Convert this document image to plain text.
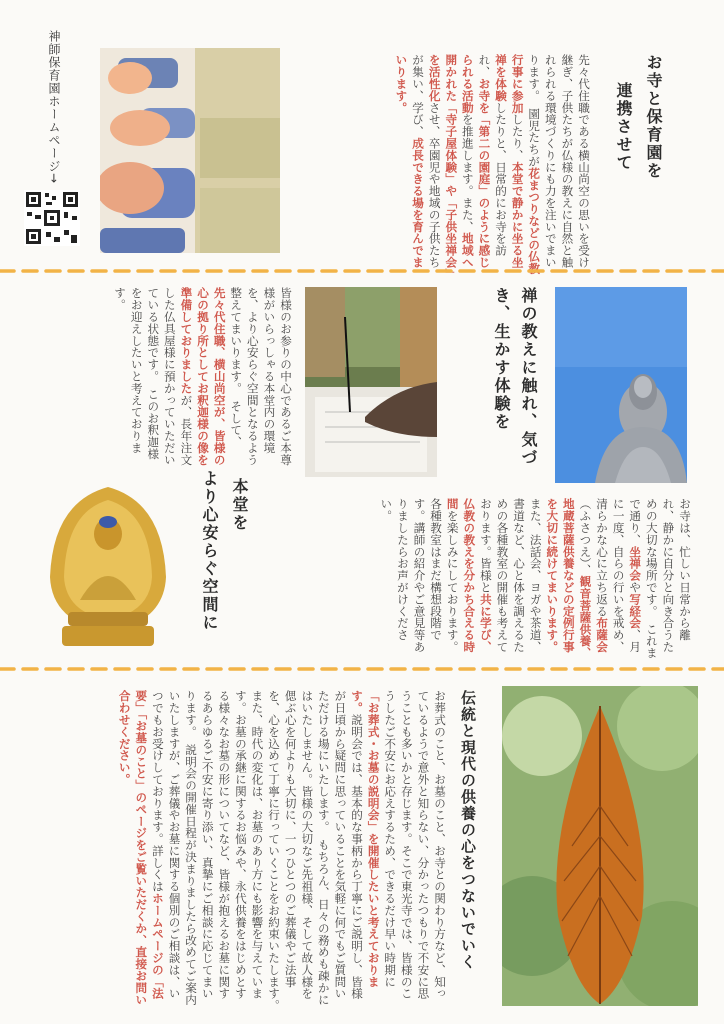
お寺と保育園を
連携させて
先々代住職である横山尚空の思いを受け継ぎ、子供たちが仏様の教えに自然と触れられる環境づくりにも力を注いでまいります。　園児たちが花まつりなどの仏教行事に参加したり、本堂で静かに坐る坐禅を体験したりと、日常的にお寺を訪れ、お寺を「第二の園庭」のように感じられる活動を推進します。また、地域へ開かれた「寺子屋体験」や「子供坐禅会」を活性化させ、卒園児や地域の子供たちが集い、学び、成長できる場を育んでまいります。
神師保育園ホームページ→
禅の教えに触れ、気づき、生かす体験を
お寺は、忙しい日常から離れ、静かに自分と向き合うための大切な場所です。　これまで通り、坐禅会や写経会、月に一度、自らの行いを戒め、清らかな心に立ち返る布薩会（ふさつえ）、観音菩薩供養、地蔵菩薩供養などの定例行事を大切に続けてまいります。　また、法話会、ヨガや茶道、書道など、心と体を調えるための各種教室の開催も考えております。皆様と共に学び、仏教の教えを分かち合える時間を楽しみにしております。各種教室はまだ構想段階です。講師の紹介やご意見等ありましたらお声がけください。
皆様のお参りの中心であるご本尊様がいらっしゃる本堂内の環境を、より心安らぐ空間となるよう整えてまいります。　そして、先々代住職、横山尚空が、皆様の心の拠り所としてお釈迦様の像を準備しておりましたが、長年注文した仏具屋様に預かっていただいている状態です。　このお釈迦様をお迎えしたいと考えております。
本堂を
より心安らぐ空間に
伝統と現代の供養の心をつないでいく
お葬式のこと、お墓のこと、お寺との関わり方など、知っているようで意外と知らない、分かったつもりで不安に思うことも多いかと存じます。そこで東光寺では、皆様のこうしたご不安にお応えするため、できるだけ早い時期に「お葬式・お墓の説明会」を開催したいと考えております。説明会では、基本的な事柄から丁寧にご説明し、皆様が日頃から疑問に思っていることを気軽に何でもご質問いただける場にいたします。　もちろん、日々の務めも疎かにはいたしません。皆様の大切なご先祖様、そして故人様を偲ぶ心を何よりも大切に、一つひとつのご葬儀やご法事を、心を込めて丁寧に行っていくことをお約束いたします。　また、時代の変化は、お墓のあり方にも影響を与えています。お墓の承継に関するお悩みや、永代供養をはじめとする様々なお墓の形についてなど、皆様が抱えるお墓に関するあらゆるご不安に寄り添い、真摯にご相談に応じてまいります。　説明会の開催日程が決まりましたら改めてご案内いたしますが、ご葬儀やお墓に関する個別のご相談は、いつでもお受けしております。詳しくはホームページの「法要」「お墓のこと」のページをご覧いただくか、直接お問い合わせください。
